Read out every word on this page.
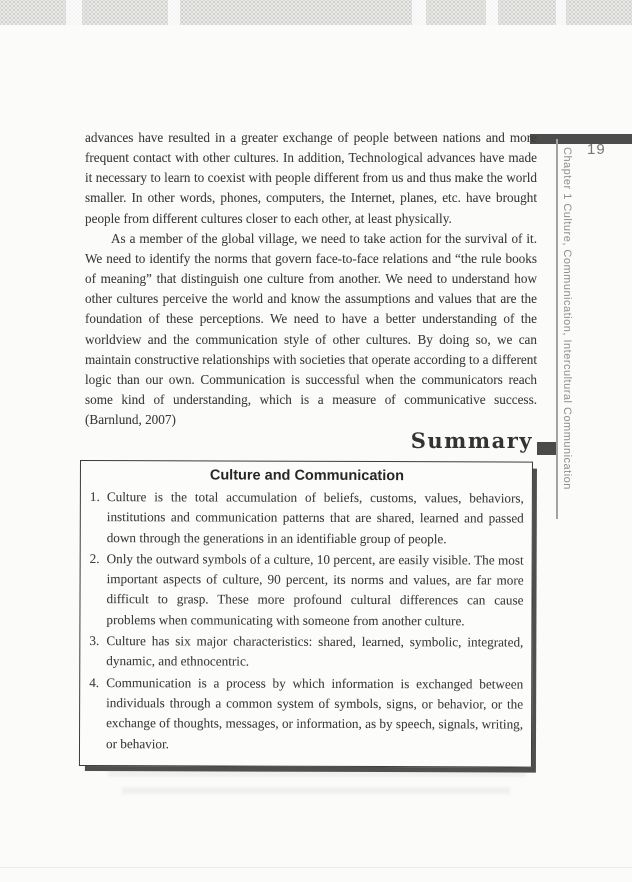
advances have resulted in a greater exchange of people between nations and more frequent contact with other cultures. In addition, Technological advances have made it necessary to learn to coexist with people different from us and thus make the world smaller. In other words, phones, computers, the Internet, planes, etc. have brought people from different cultures closer to each other, at least physically.

As a member of the global village, we need to take action for the survival of it. We need to identify the norms that govern face-to-face relations and “the rule books of meaning” that distinguish one culture from another. We need to understand how other cultures perceive the world and know the assumptions and values that are the foundation of these perceptions. We need to have a better understanding of the worldview and the communication style of other cultures. By doing so, we can maintain constructive relationships with societies that operate according to a different logic than our own. Communication is successful when the communicators reach some kind of understanding, which is a measure of communicative success. (Barnlund, 2007)

Summary
Culture and Communication
1. Culture is the total accumulation of beliefs, customs, values, behaviors, institutions and communication patterns that are shared, learned and passed down through the generations in an identifiable group of people.
2. Only the outward symbols of a culture, 10 percent, are easily visible. The most important aspects of culture, 90 percent, its norms and values, are far more difficult to grasp. These more profound cultural differences can cause problems when communicating with someone from another culture.
3. Culture has six major characteristics: shared, learned, symbolic, integrated, dynamic, and ethnocentric.
4. Communication is a process by which information is exchanged between individuals through a common system of symbols, signs, or behavior, or the exchange of thoughts, messages, or information, as by speech, signals, writing, or behavior.
19
Chapter 1 Culture, Communication, Intercultural Communication
